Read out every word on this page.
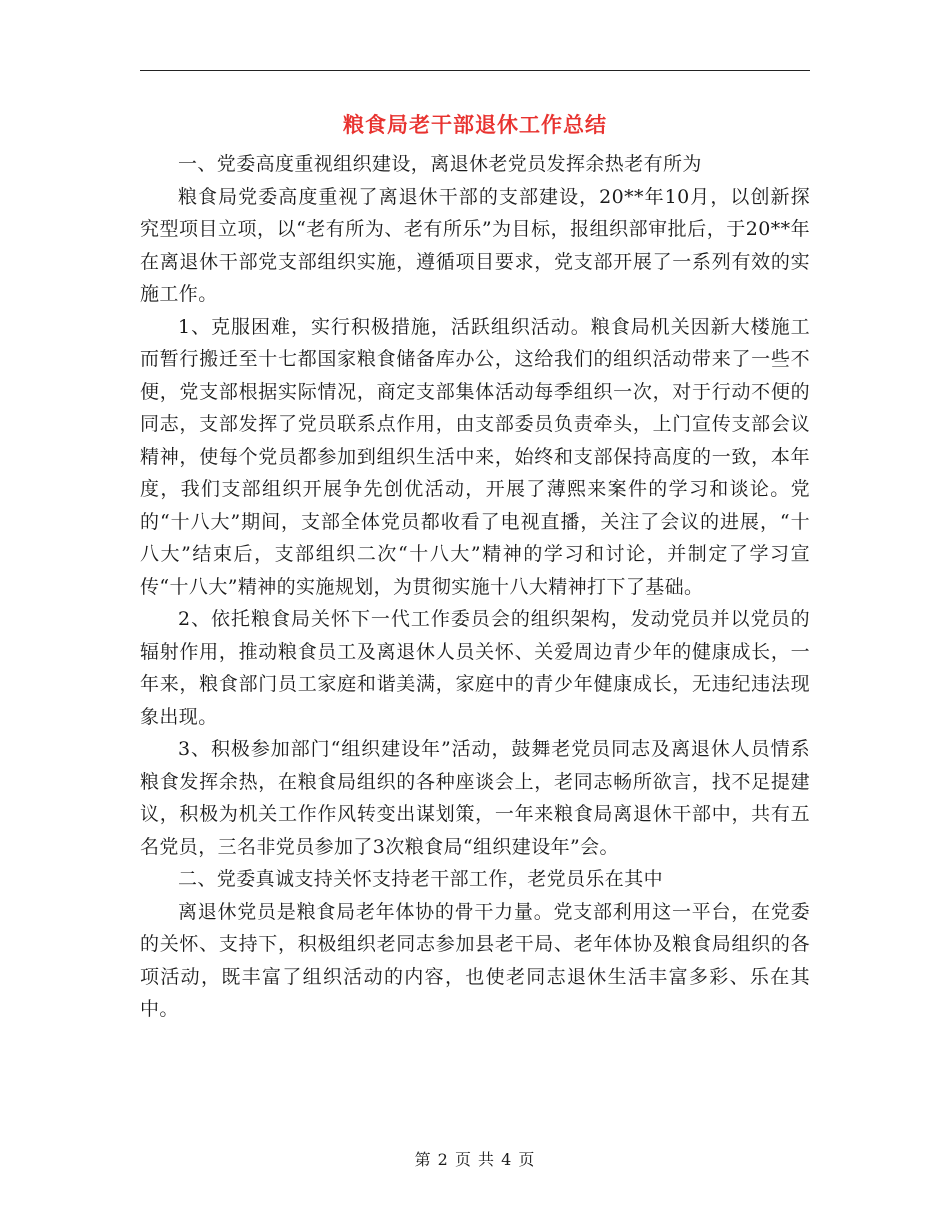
粮食局老干部退休工作总结

一、党委高度重视组织建设，离退休老党员发挥余热老有所为

粮食局党委高度重视了离退休干部的支部建设，20**年10月，以创新探究型项目立项，以“老有所为、老有所乐”为目标，报组织部审批后，于20**年在离退休干部党支部组织实施，遵循项目要求，党支部开展了一系列有效的实施工作。

1、克服困难，实行积极措施，活跃组织活动。粮食局机关因新大楼施工而暂行搬迁至十七都国家粮食储备库办公，这给我们的组织活动带来了一些不便，党支部根据实际情况，商定支部集体活动每季组织一次，对于行动不便的同志，支部发挥了党员联系点作用，由支部委员负责牵头，上门宣传支部会议精神，使每个党员都参加到组织生活中来，始终和支部保持高度的一致，本年度，我们支部组织开展争先创优活动，开展了薄熙来案件的学习和谈论。党的“十八大”期间，支部全体党员都收看了电视直播，关注了会议的进展，“十八大”结束后，支部组织二次“十八大”精神的学习和讨论，并制定了学习宣传“十八大”精神的实施规划，为贯彻实施十八大精神打下了基础。

2、依托粮食局关怀下一代工作委员会的组织架构，发动党员并以党员的辐射作用，推动粮食员工及离退休人员关怀、关爱周边青少年的健康成长，一年来，粮食部门员工家庭和谐美满，家庭中的青少年健康成长，无违纪违法现象出现。

3、积极参加部门“组织建设年”活动，鼓舞老党员同志及离退休人员情系粮食发挥余热，在粮食局组织的各种座谈会上，老同志畅所欲言，找不足提建议，积极为机关工作作风转变出谋划策，一年来粮食局离退休干部中，共有五名党员，三名非党员参加了3次粮食局“组织建设年”会。

二、党委真诚支持关怀支持老干部工作，老党员乐在其中

离退休党员是粮食局老年体协的骨干力量。党支部利用这一平台，在党委的关怀、支持下，积极组织老同志参加县老干局、老年体协及粮食局组织的各项活动，既丰富了组织活动的内容，也使老同志退休生活丰富多彩、乐在其中。

第 2 页 共 4 页
